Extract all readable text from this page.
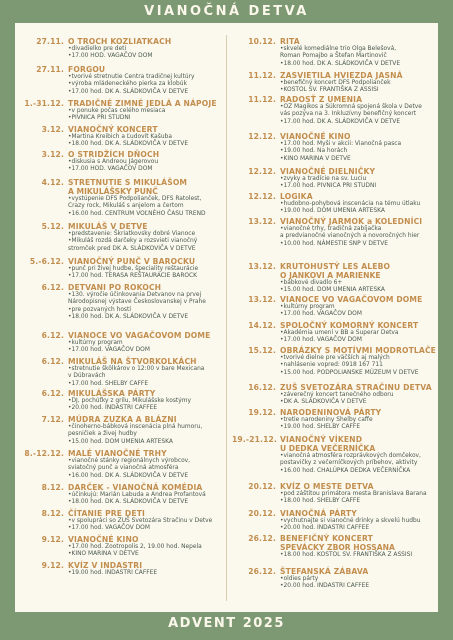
VIANOČNÁ DETVA
27.11. O TROCH KOZLIATKACH
•divadielko pre deti
•17.00 HOD. VAGAČOV DOM
27.11. FORGOU
•tvorivé stretnutie Centra tradičnej kultúry
•výroba mládeneckého pierka za klobúk
•17.00 hod. DK A. SLÁDKOVIČA V DETVE
1.-31.12. TRADIČNÉ ZIMNÉ JEDLÁ A NÁPOJE
•v ponuke počas celého mesiaca
•PIVNICA PRI STUDNI
3.12. VIANOČNÝ KONCERT
•Martina Kreibich a Ľudovít Kašuba
•18.00 hod. DK A. SLÁDKOVIČA V DETVE
3.12. O STRIDŽÍCH DŇOCH
•diskusia s Andreou Jágerovou
•17.00 HOD. VAGAČOV DOM
4.12. STRETNUTIE S MIKULÁŠOM
A MIKULÁŠSKY PUNČ
•vystúpenie DFS Podpolianček, DFS Ratolest,
Crazy rock, Mikuláš s anjelom a čertom
•16.00 hod. CENTRUM VOĽNÉHO ČASU TREND
5.12. MIKULÁŠ V DETVE
•predstavenie: Škriatkovsky dobré Vianoce
•Mikuláš rozdá darčeky a rozsvieti vianočný
stromček pred DK A. SLÁDKOVIČA V DETVE
5.-6.12. VIANOČNÝ PUNČ V BAROCKU
•punč pri živej hudbe, špeciality reštaurácie
•17.00 hod. TERASA REŠTAURÁCIE BAROCK
6.12. DETVANI PO ROKOCH
•130. výročie účinkovania Detvanov na prvej
Národopisnej výstave Českoslovanskej v Prahe
•pre pozvaných hostí
•18.00 hod. DK A. SLÁDKOVIČA V DETVE
6.12. VIANOCE VO VAGAČOVOM DOME
•kultúrny program
•17.00 hod. VAGAČOV DOM
6.12. MIKULÁŠ NA ŠTVORKOLKÁCH
•stretnutie škôlkárov o 12:00 v bare Mexicana
v Dúbravách
•17.00 hod. SHELBY CAFFE
6.12. MIKULÁŠSKA PÁRTY
•DJ, pochúťky z grilu, Mikulášske kostýmy
•20.00 hod. INDASTRI CAFFEE
7.12. MÚDRA ZUZKA A BLÁZNI
•činoherno-bábková inscenácia plná humoru,
pesničiek a živej hudby
•15.00 hod. DOM UMENIA ARTESKA
8.-12.12. MALÉ VIANOČNÉ TRHY
•vianočné stánky regionálnych výrobcov,
sviatočný punč a vianočná atmosféra
•16.00 hod. DK A. SLÁDKOVIČA V DETVE
8.12. DARČEK - VIANOČNÁ KOMÉDIA
•účinkujú: Marián Labuda a Andrea Profantová
•18.00 hod. DK A. SLÁDKOVIČA V DETVE
8.12. ČÍTANIE PRE DETI
•v spolupráci so ZUŠ Svetozára Stračinu v Detve
•17.00 hod. VAGAČOV DOM
9.12. VIANOČNÉ KINO
•17.00 hod. Zootropolis 2, 19.00 hod. Nepela
•KINO MARINA V DETVE
9.12. KVÍZ V INDASTRI
•19.00 hod. INDASTRI CAFFEE
10.12. RITA
•skvelé komediálne trio Olga Belešová,
Roman Pomajbo a Štefan Martinovič
•18.00 hod. DK A. SLÁDKOVIČA V DETVE
11.12. ZASVIETILA HVIEZDA JASNÁ
•benefičný koncert DFS Podpolianček
•KOSTOL SV. FRANTIŠKA Z ASSISI
11.12. RADOSŤ Z UMENIA
•OZ Magikos a Súkromná spojená škola v Detve
vás pozýva na 3. Inkluzívny benefičný koncert
•17.00 hod. DK A. SLÁDKOVIČA V DETVE
12.12. VIANOČNÉ KINO
•17.00 hod. Myši v akcii: Vianočná pasca
•19.00 hod. Na horách
•KINO MARINA V DETVE
12.12. VIANOČNÉ DIELNIČKY
•zvyky a tradície na sv. Luciu
•17.00 hod. PIVNICA PRI STUDNI
12.12. LOGIKA
•hudobno-pohybová inscenácia na tému útlaku
•19.00 hod. DOM UMENIA ARTESKA
13.12. VIANOČNÝ JARMOK a KOLEDNÍCI
•vianočné trhy, tradičná zabíjačka
a predvianočné vianočných a novoročných hier
•10.00 hod. NÁMESTIE SNP V DETVE
13.12. KRUTOHUSTÝ LES ALEBO
O JANKOVI A MARIENKE
•bábkové divadlo 6+
•15.00 hod. DOM UMENIA ARTESKA
13.12. VIANOCE VO VAGAČOVOM DOME
•kultúrny program
•17.00 hod. VAGAČOV DOM
14.12. SPOLOČNÝ KOMORNÝ KONCERT
•Akadémia umení v BB a Superar Detva
•17.00 hod. VAGAČOV DOM
15.12. OBRÁZKY S MOTÍVMI MODROTLAČE
•tvorivé dielne pre väčších aj malých
•nahlásenie vopred: 0918 167 711
•15.00 hod. PODPOLIANSKE MÚZEUM V DETVE
16.12. ZUŠ SVETOZÁRA STRAČINU DETVA
•záverečný koncert tanečného odboru
•DK A. SLÁDKOVIČA V DETVE
19.12. NAROD​ENINOVÁ PÁRTY
•tretie narodeniny Shelby caffe
•19.00 hod. SHELBY CAFFE
19.-21.12. VIANOČNÝ VÍKEND
U DEDKA VEČERNÍČKA
•vianočná atmosféra rozprávkových domčekov,
postavičky z večerníčkových príbehov, aktivity
•16.00 hod. CHALÚPKA DEDKA VEČERNÍČKA
20.12. KVÍZ O MESTE DETVA
•pod záštitou primátora mesta Branislava Barana
•18.00 hod. SHELBY CAFFE
20.12. VIANOČNÁ PÁRTY
•vychutnajte si vianočné drinky a skvelú hudbu
•20.00 hod. INDASTRI CAFFEE
26.12. BENEFIČNÝ KONCERT
SPEVÁCKY ZBOR HOSSANA
•18.00 hod. KOSTOL SV. FRANTIŠKA Z ASSISI
26.12. ŠTEFANSKÁ ZÁBAVA
•oldies párty
•20.00 hod. INDASTRI CAFFEE
ADVENT 2025
